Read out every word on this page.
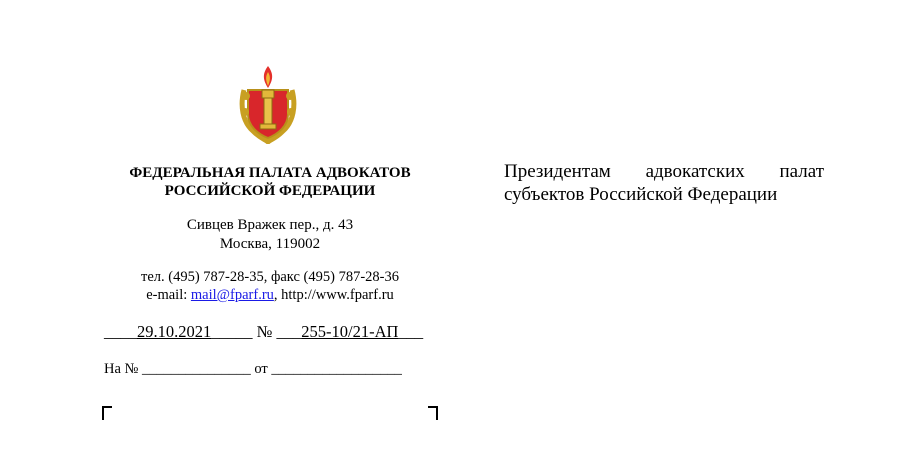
ФЕДЕРАЛЬНАЯ ПАЛАТА АДВОКАТОВ
РОССИЙСКОЙ ФЕДЕРАЦИИ
Сивцев Вражек пер., д. 43
Москва, 119002
тел. (495) 787-28-35, факс (495) 787-28-36
e-mail: mail@fparf.ru, http://www.fparf.ru
____29.10.2021_____ № ___255-10/21-АП___
На № _______________ от __________________
Президентам адвокатских палат
субъектов Российской Федерации
